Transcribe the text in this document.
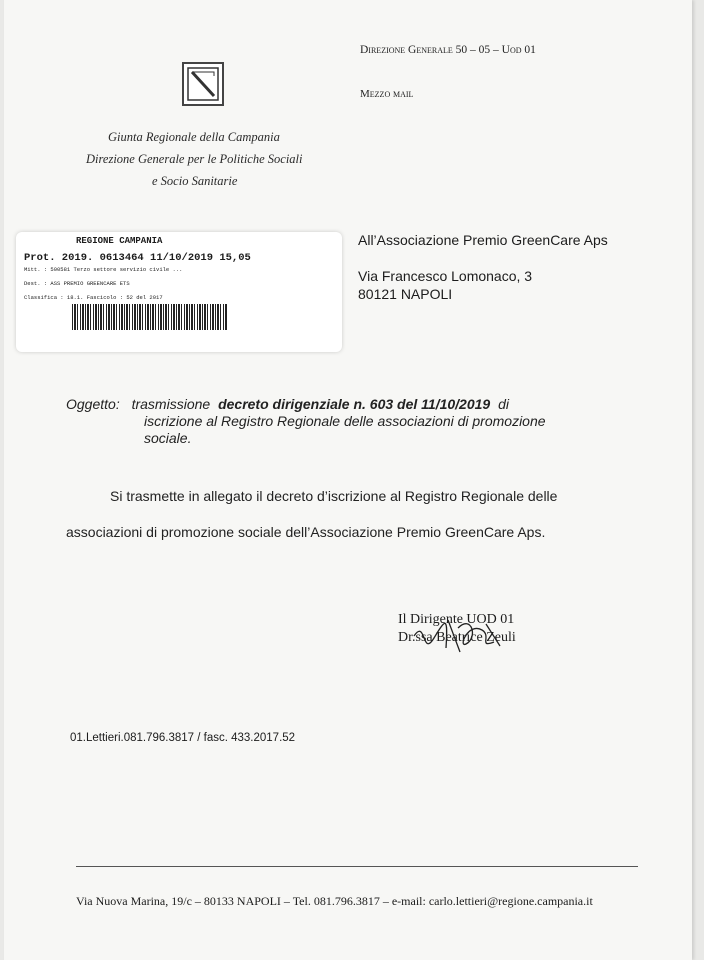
Direzione Generale 50 – 05 – Uod 01
Mezzo mail
Giunta Regionale della Campania
Direzione Generale per le Politiche Sociali
e Socio Sanitarie
REGIONE CAMPANIA
Prot. 2019. 0613464 11/10/2019 15,05
Mitt. : 500581 Terzo settore servizio civile ...
Dest. : ASS PREMIO GREENCARE ETS
Classifica : 18.1. Fascicolo : 52 del 2017
All’Associazione Premio GreenCare Aps
Via Francesco Lomonaco, 3
80121 NAPOLI
Oggetto: trasmissione decreto dirigenziale n. 603 del 11/10/2019 di
iscrizione al Registro Regionale delle associazioni di promozione
sociale.
Si trasmette in allegato il decreto d’iscrizione al Registro Regionale delle
associazioni di promozione sociale dell’Associazione Premio GreenCare Aps.
Il Dirigente UOD 01
Dr.ssa Beatrice Zeuli
01.Lettieri.081.796.3817 / fasc. 433.2017.52
Via Nuova Marina, 19/c – 80133 NAPOLI – Tel. 081.796.3817 – e-mail: carlo.lettieri@regione.campania.it
